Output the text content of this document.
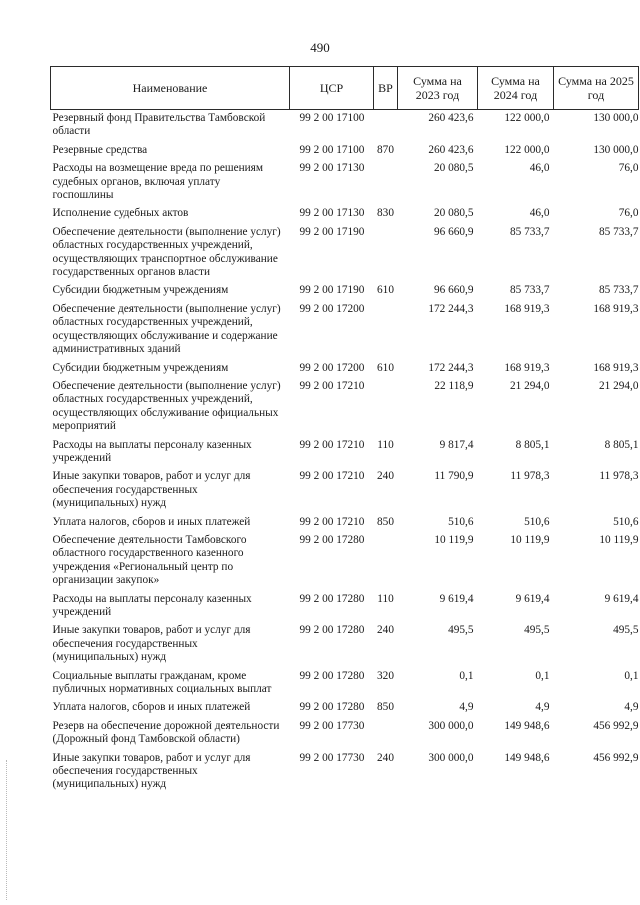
490
Наименование	ЦСР	ВР	Сумма на 2023 год	Сумма на 2024 год	Сумма на 2025 год
Резервный фонд Правительства Тамбовской области	99 2 00 17100		260 423,6	122 000,0	130 000,0
Резервные средства	99 2 00 17100	870	260 423,6	122 000,0	130 000,0
Расходы на возмещение вреда по решениям судебных органов, включая уплату госпошлины	99 2 00 17130		20 080,5	46,0	76,0
Исполнение судебных актов	99 2 00 17130	830	20 080,5	46,0	76,0
Обеспечение деятельности (выполнение услуг) областных государственных учреждений, осуществляющих транспортное обслуживание государственных органов власти	99 2 00 17190		96 660,9	85 733,7	85 733,7
Субсидии бюджетным учреждениям	99 2 00 17190	610	96 660,9	85 733,7	85 733,7
Обеспечение деятельности (выполнение услуг) областных государственных учреждений, осуществляющих обслуживание и содержание административных зданий	99 2 00 17200		172 244,3	168 919,3	168 919,3
Субсидии бюджетным учреждениям	99 2 00 17200	610	172 244,3	168 919,3	168 919,3
Обеспечение деятельности (выполнение услуг) областных государственных учреждений, осуществляющих обслуживание официальных мероприятий	99 2 00 17210		22 118,9	21 294,0	21 294,0
Расходы на выплаты персоналу казенных учреждений	99 2 00 17210	110	9 817,4	8 805,1	8 805,1
Иные закупки товаров, работ и услуг для обеспечения государственных (муниципальных) нужд	99 2 00 17210	240	11 790,9	11 978,3	11 978,3
Уплата налогов, сборов и иных платежей	99 2 00 17210	850	510,6	510,6	510,6
Обеспечение деятельности Тамбовского областного государственного казенного учреждения «Региональный центр по организации закупок»	99 2 00 17280		10 119,9	10 119,9	10 119,9
Расходы на выплаты персоналу казенных учреждений	99 2 00 17280	110	9 619,4	9 619,4	9 619,4
Иные закупки товаров, работ и услуг для обеспечения государственных (муниципальных) нужд	99 2 00 17280	240	495,5	495,5	495,5
Социальные выплаты гражданам, кроме публичных нормативных социальных выплат	99 2 00 17280	320	0,1	0,1	0,1
Уплата налогов, сборов и иных платежей	99 2 00 17280	850	4,9	4,9	4,9
Резерв на обеспечение дорожной деятельности (Дорожный фонд Тамбовской области)	99 2 00 17730		300 000,0	149 948,6	456 992,9
Иные закупки товаров, работ и услуг для обеспечения государственных (муниципальных) нужд	99 2 00 17730	240	300 000,0	149 948,6	456 992,9
